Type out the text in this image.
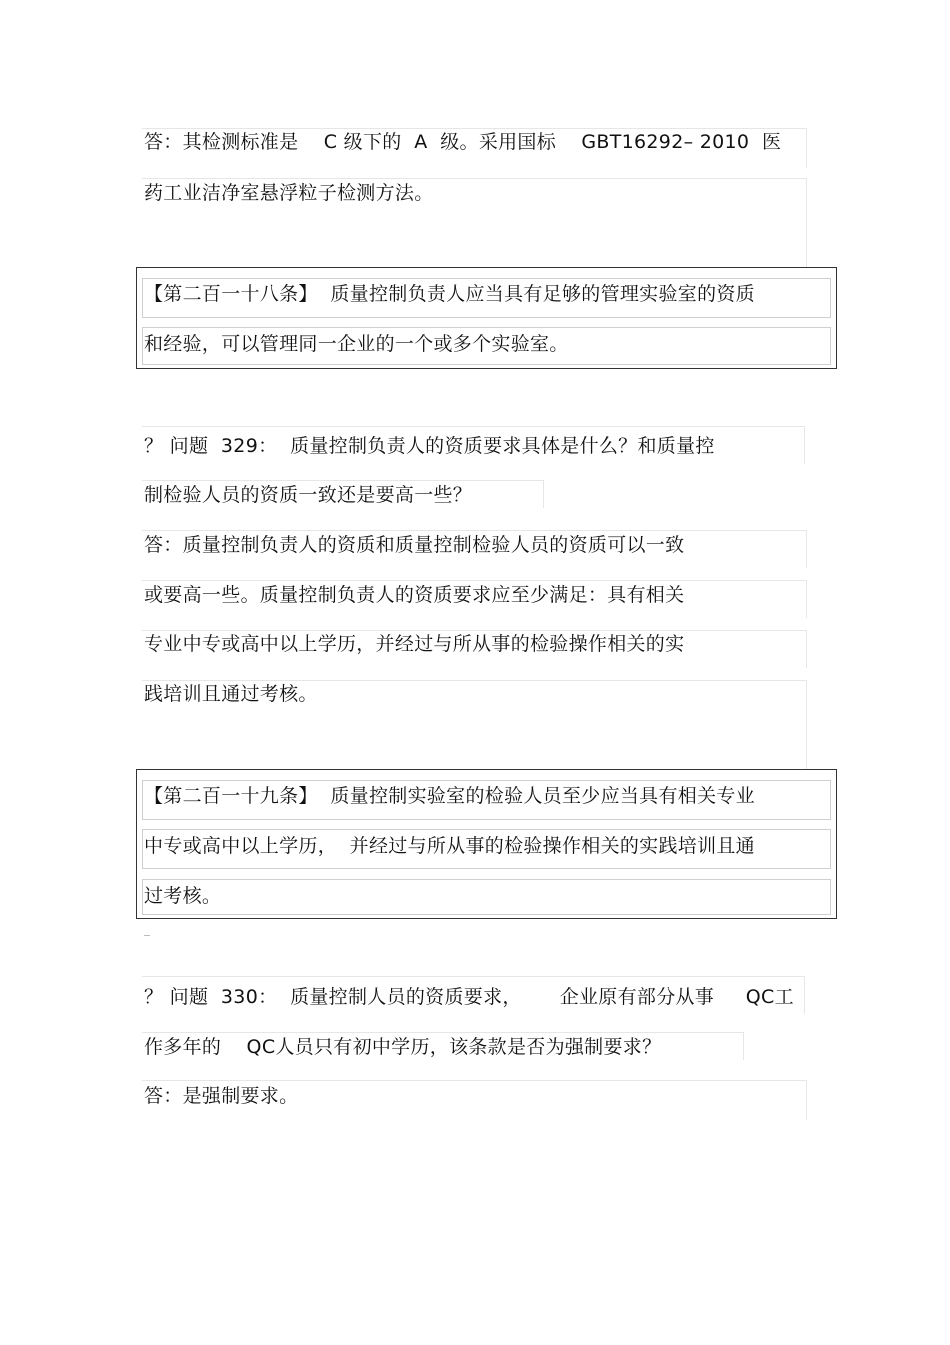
答：其检测标准是    C 级下的  A  级。采用国标    GBT16292– 2010  医
药工业洁净室悬浮粒子检测方法。
【第二百一十八条】  质量控制负责人应当具有足够的管理实验室的资质
和经验，可以管理同一企业的一个或多个实验室。
？ 问题  329：  质量控制负责人的资质要求具体是什么？和质量控
制检验人员的资质一致还是要高一些？
答：质量控制负责人的资质和质量控制检验人员的资质可以一致
或要高一些。质量控制负责人的资质要求应至少满足：具有相关
专业中专或高中以上学历，并经过与所从事的检验操作相关的实
践培训且通过考核。
【第二百一十九条】  质量控制实验室的检验人员至少应当具有相关专业
中专或高中以上学历，  并经过与所从事的检验操作相关的实践培训且通
过考核。
？ 问题  330：  质量控制人员的资质要求，      企业原有部分从事     QC工
作多年的    QC人员只有初中学历，该条款是否为强制要求？
答：是强制要求。
